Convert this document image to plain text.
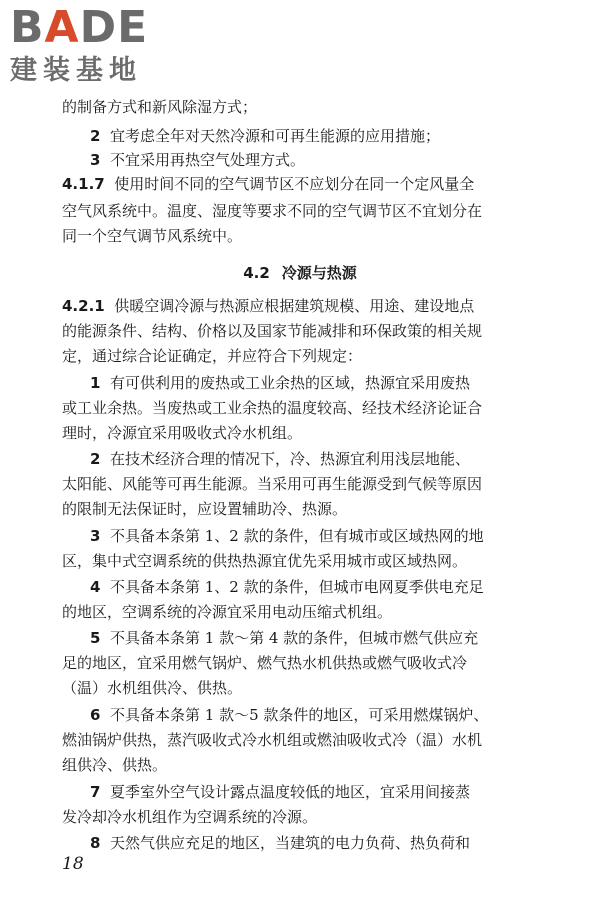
BADE
建装基地
的制备方式和新风除湿方式；
2 宜考虑全年对天然冷源和可再生能源的应用措施；
3 不宜采用再热空气处理方式。
4.1.7 使用时间不同的空气调节区不应划分在同一个定风量全
空气风系统中。温度、湿度等要求不同的空气调节区不宜划分在
同一个空气调节风系统中。
4.2 冷源与热源
4.2.1 供暖空调冷源与热源应根据建筑规模、用途、建设地点
的能源条件、结构、价格以及国家节能减排和环保政策的相关规
定，通过综合论证确定，并应符合下列规定：
1 有可供利用的废热或工业余热的区域，热源宜采用废热
或工业余热。当废热或工业余热的温度较高、经技术经济论证合
理时，冷源宜采用吸收式冷水机组。
2 在技术经济合理的情况下，冷、热源宜利用浅层地能、
太阳能、风能等可再生能源。当采用可再生能源受到气候等原因
的限制无法保证时，应设置辅助冷、热源。
3 不具备本条第 1、2 款的条件，但有城市或区域热网的地
区，集中式空调系统的供热热源宜优先采用城市或区域热网。
4 不具备本条第 1、2 款的条件，但城市电网夏季供电充足
的地区，空调系统的冷源宜采用电动压缩式机组。
5 不具备本条第 1 款～第 4 款的条件，但城市燃气供应充
足的地区，宜采用燃气锅炉、燃气热水机供热或燃气吸收式冷
（温）水机组供冷、供热。
6 不具备本条第 1 款～5 款条件的地区，可采用燃煤锅炉、
燃油锅炉供热，蒸汽吸收式冷水机组或燃油吸收式冷（温）水机
组供冷、供热。
7 夏季室外空气设计露点温度较低的地区，宜采用间接蒸
发冷却冷水机组作为空调系统的冷源。
8 天然气供应充足的地区，当建筑的电力负荷、热负荷和
18
